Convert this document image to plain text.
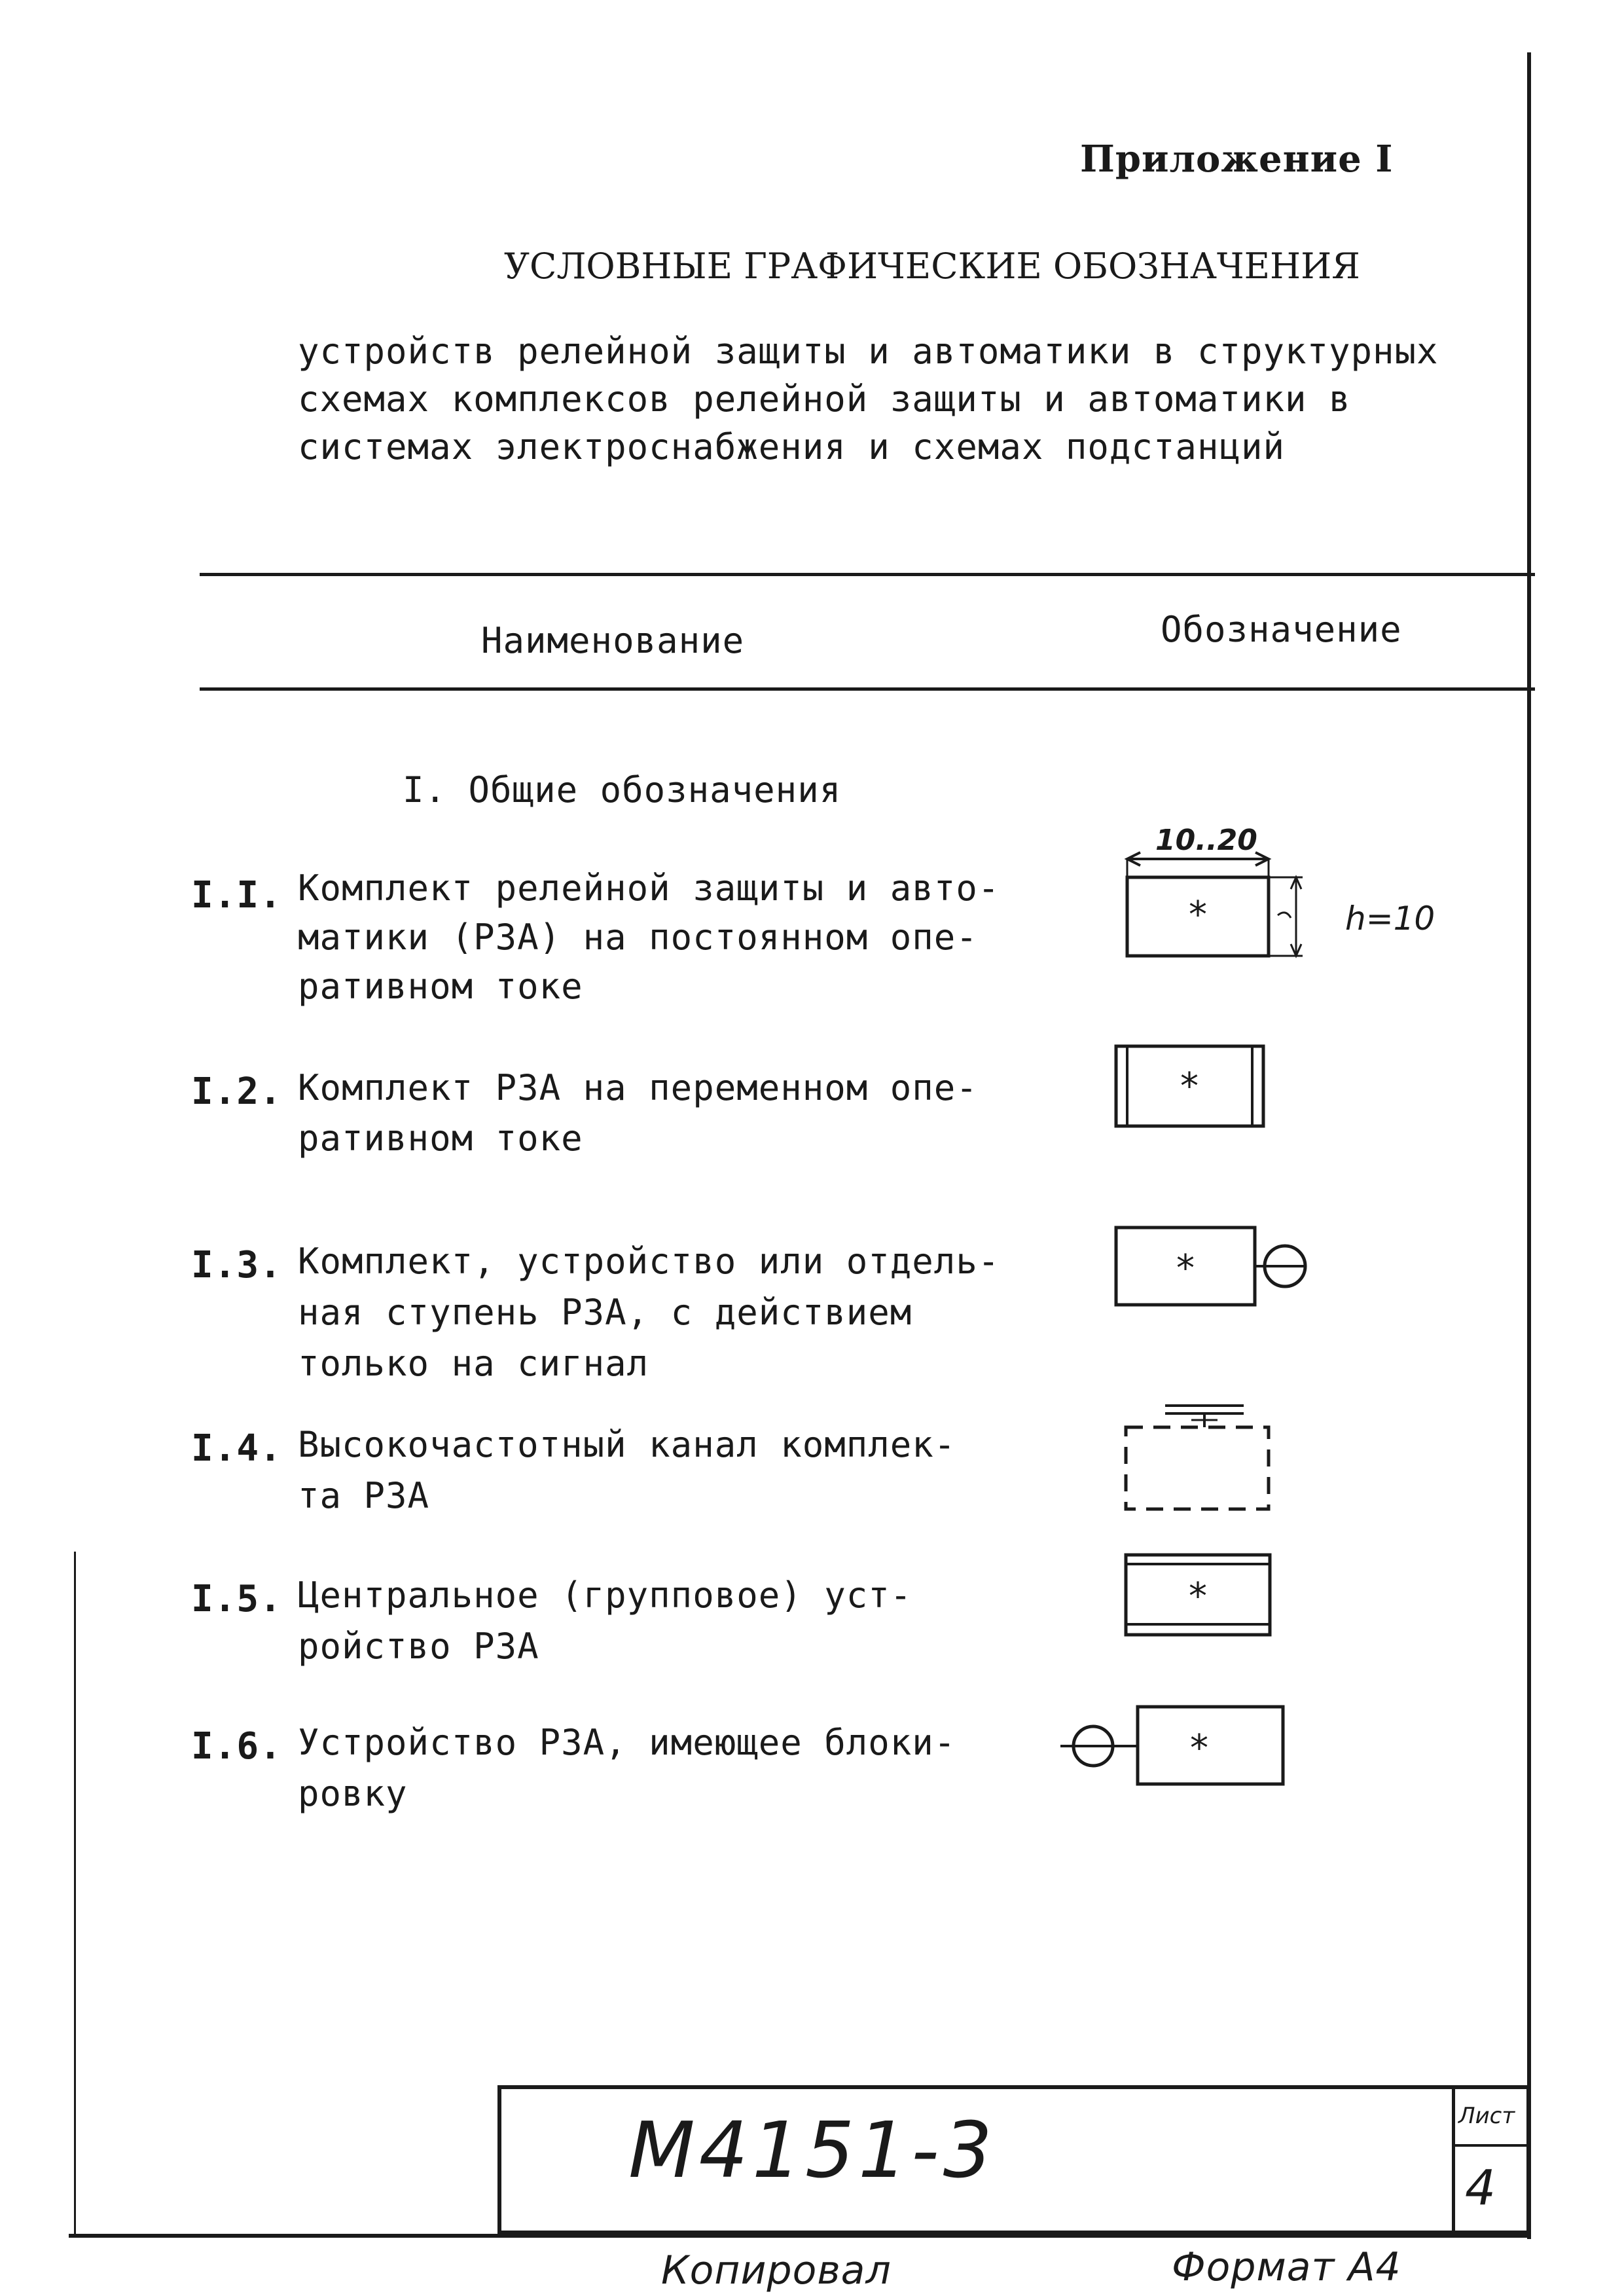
Приложение I
УСЛОВНЫЕ ГРАФИЧЕСКИЕ ОБОЗНАЧЕНИЯ
устройств релейной защиты и автоматики в структурных
схемах комплексов релейной защиты и автоматики в
системах электроснабжения и схемах подстанций
Наименование	Обозначение
I. Общие обозначения
I.I. Комплект релейной защиты и авто-
матики (РЗА) на постоянном опе-
ративном токе
10..20
*	h=10
I.2. Комплект РЗА на переменном опе-
ративном токе
*
I.3. Комплект, устройство или отдель-
ная ступень РЗА, с действием
только на сигнал
*
I.4. Высокочастотный канал комплек-
та РЗА
I.5. Центральное (групповое) уст-
ройство РЗА
*
I.6. Устройство РЗА, имеющее блоки-
ровку
*
M4151-3	Лист
4
Копировал	Формат А4
